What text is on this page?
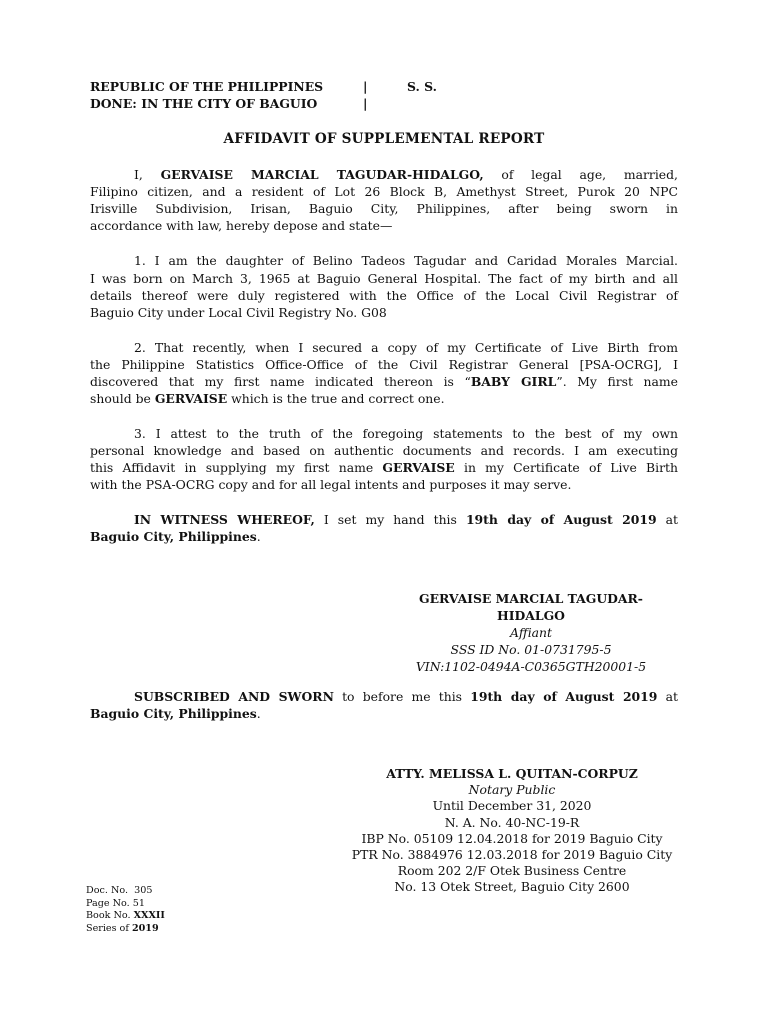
REPUBLIC OF THE PHILIPPINES	|	S. S.
DONE: IN THE CITY OF BAGUIO	|
AFFIDAVIT OF SUPPLEMENTAL REPORT
I, GERVAISE MARCIAL TAGUDAR-HIDALGO, of legal age, married,
Filipino citizen, and a resident of Lot 26 Block B, Amethyst Street, Purok 20 NPC
Irisville Subdivision, Irisan, Baguio City, Philippines, after being sworn in
accordance with law, hereby depose and state—
1. I am the daughter of Belino Tadeos Tagudar and Caridad Morales Marcial.
I was born on March 3, 1965 at Baguio General Hospital. The fact of my birth and all
details thereof were duly registered with the Office of the Local Civil Registrar of
Baguio City under Local Civil Registry No. G08
2. That recently, when I secured a copy of my Certificate of Live Birth from
the Philippine Statistics Office-Office of the Civil Registrar General [PSA-OCRG], I
discovered that my first name indicated thereon is “BABY GIRL”. My first name
should be GERVAISE which is the true and correct one.
3. I attest to the truth of the foregoing statements to the best of my own
personal knowledge and based on authentic documents and records. I am executing
this Affidavit in supplying my first name GERVAISE in my Certificate of Live Birth
with the PSA-OCRG copy and for all legal intents and purposes it may serve.
IN WITNESS WHEREOF, I set my hand this 19th day of August 2019 at
Baguio City, Philippines.
GERVAISE MARCIAL TAGUDAR-
HIDALGO
Affiant
SSS ID No. 01-0731795-5
VIN:1102-0494A-C0365GTH20001-5
SUBSCRIBED AND SWORN to before me this 19th day of August 2019 at
Baguio City, Philippines.
ATTY. MELISSA L. QUITAN-CORPUZ
Notary Public
Until December 31, 2020
N. A. No. 40-NC-19-R
IBP No. 05109 12.04.2018 for 2019 Baguio City
PTR No. 3884976 12.03.2018 for 2019 Baguio City
Room 202 2/F Otek Business Centre
No. 13 Otek Street, Baguio City 2600
Doc. No. 305
Page No. 51
Book No. XXXII
Series of 2019
